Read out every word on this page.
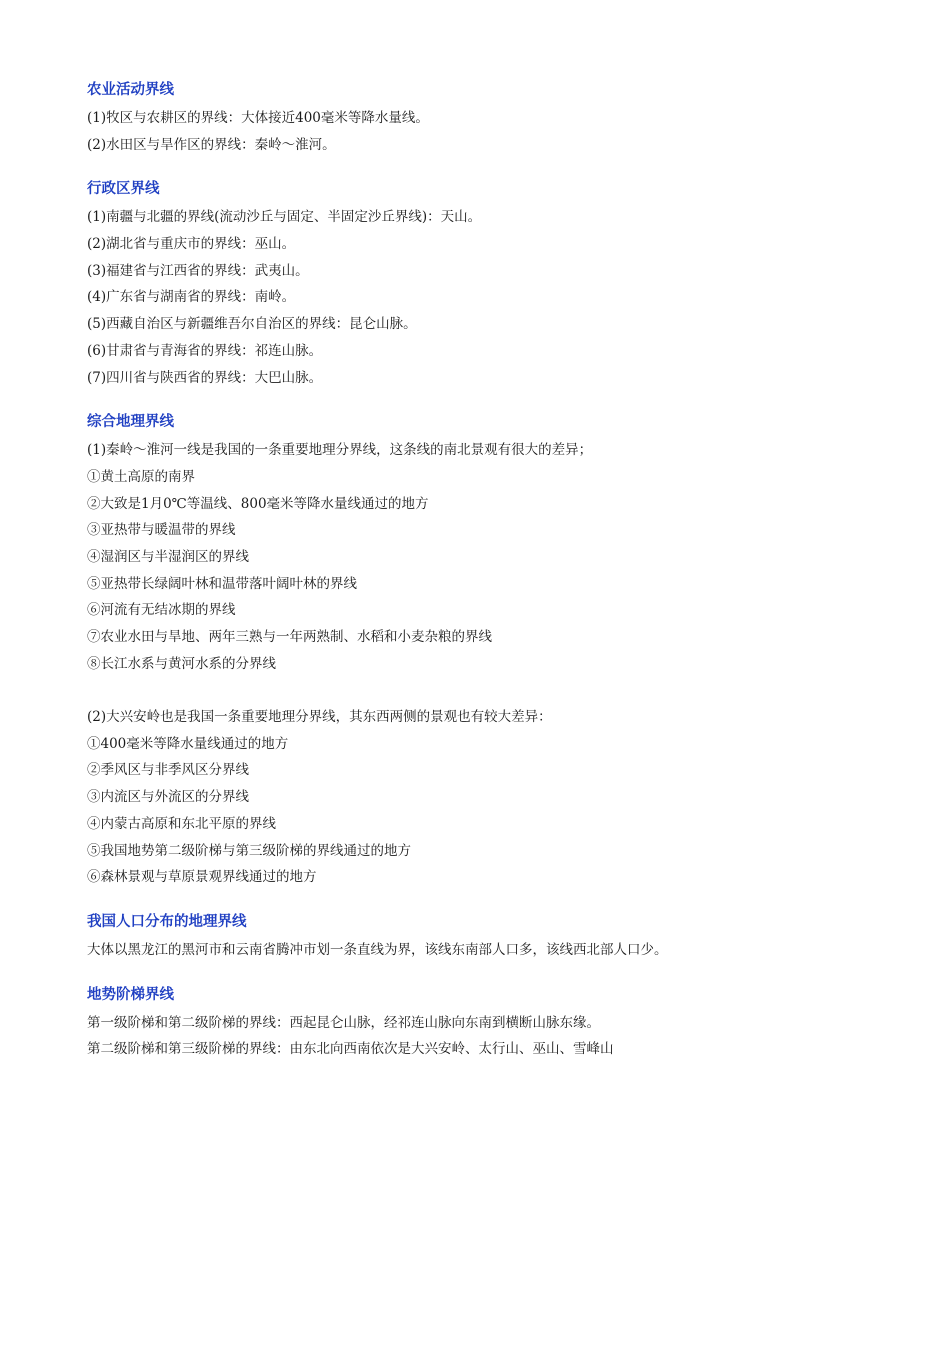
农业活动界线

(1)牧区与农耕区的界线：大体接近400毫米等降水量线。

(2)水田区与旱作区的界线：秦岭～淮河。

行政区界线

(1)南疆与北疆的界线(流动沙丘与固定、半固定沙丘界线)：天山。

(2)湖北省与重庆市的界线：巫山。

(3)福建省与江西省的界线：武夷山。

(4)广东省与湖南省的界线：南岭。

(5)西藏自治区与新疆维吾尔自治区的界线：昆仑山脉。

(6)甘肃省与青海省的界线：祁连山脉。

(7)四川省与陕西省的界线：大巴山脉。

综合地理界线

(1)秦岭～淮河一线是我国的一条重要地理分界线，这条线的南北景观有很大的差异；

①黄土高原的南界

②大致是1月0℃等温线、800毫米等降水量线通过的地方

③亚热带与暖温带的界线

④湿润区与半湿润区的界线

⑤亚热带长绿阔叶林和温带落叶阔叶林的界线

⑥河流有无结冰期的界线

⑦农业水田与旱地、两年三熟与一年两熟制、水稻和小麦杂粮的界线

⑧长江水系与黄河水系的分界线

(2)大兴安岭也是我国一条重要地理分界线，其东西两侧的景观也有较大差异：

①400毫米等降水量线通过的地方

②季风区与非季风区分界线

③内流区与外流区的分界线

④内蒙古高原和东北平原的界线

⑤我国地势第二级阶梯与第三级阶梯的界线通过的地方

⑥森林景观与草原景观界线通过的地方

我国人口分布的地理界线

大体以黑龙江的黑河市和云南省腾冲市划一条直线为界，该线东南部人口多，该线西北部人口少。

地势阶梯界线

第一级阶梯和第二级阶梯的界线：西起昆仑山脉，经祁连山脉向东南到横断山脉东缘。

第二级阶梯和第三级阶梯的界线：由东北向西南依次是大兴安岭、太行山、巫山、雪峰山
